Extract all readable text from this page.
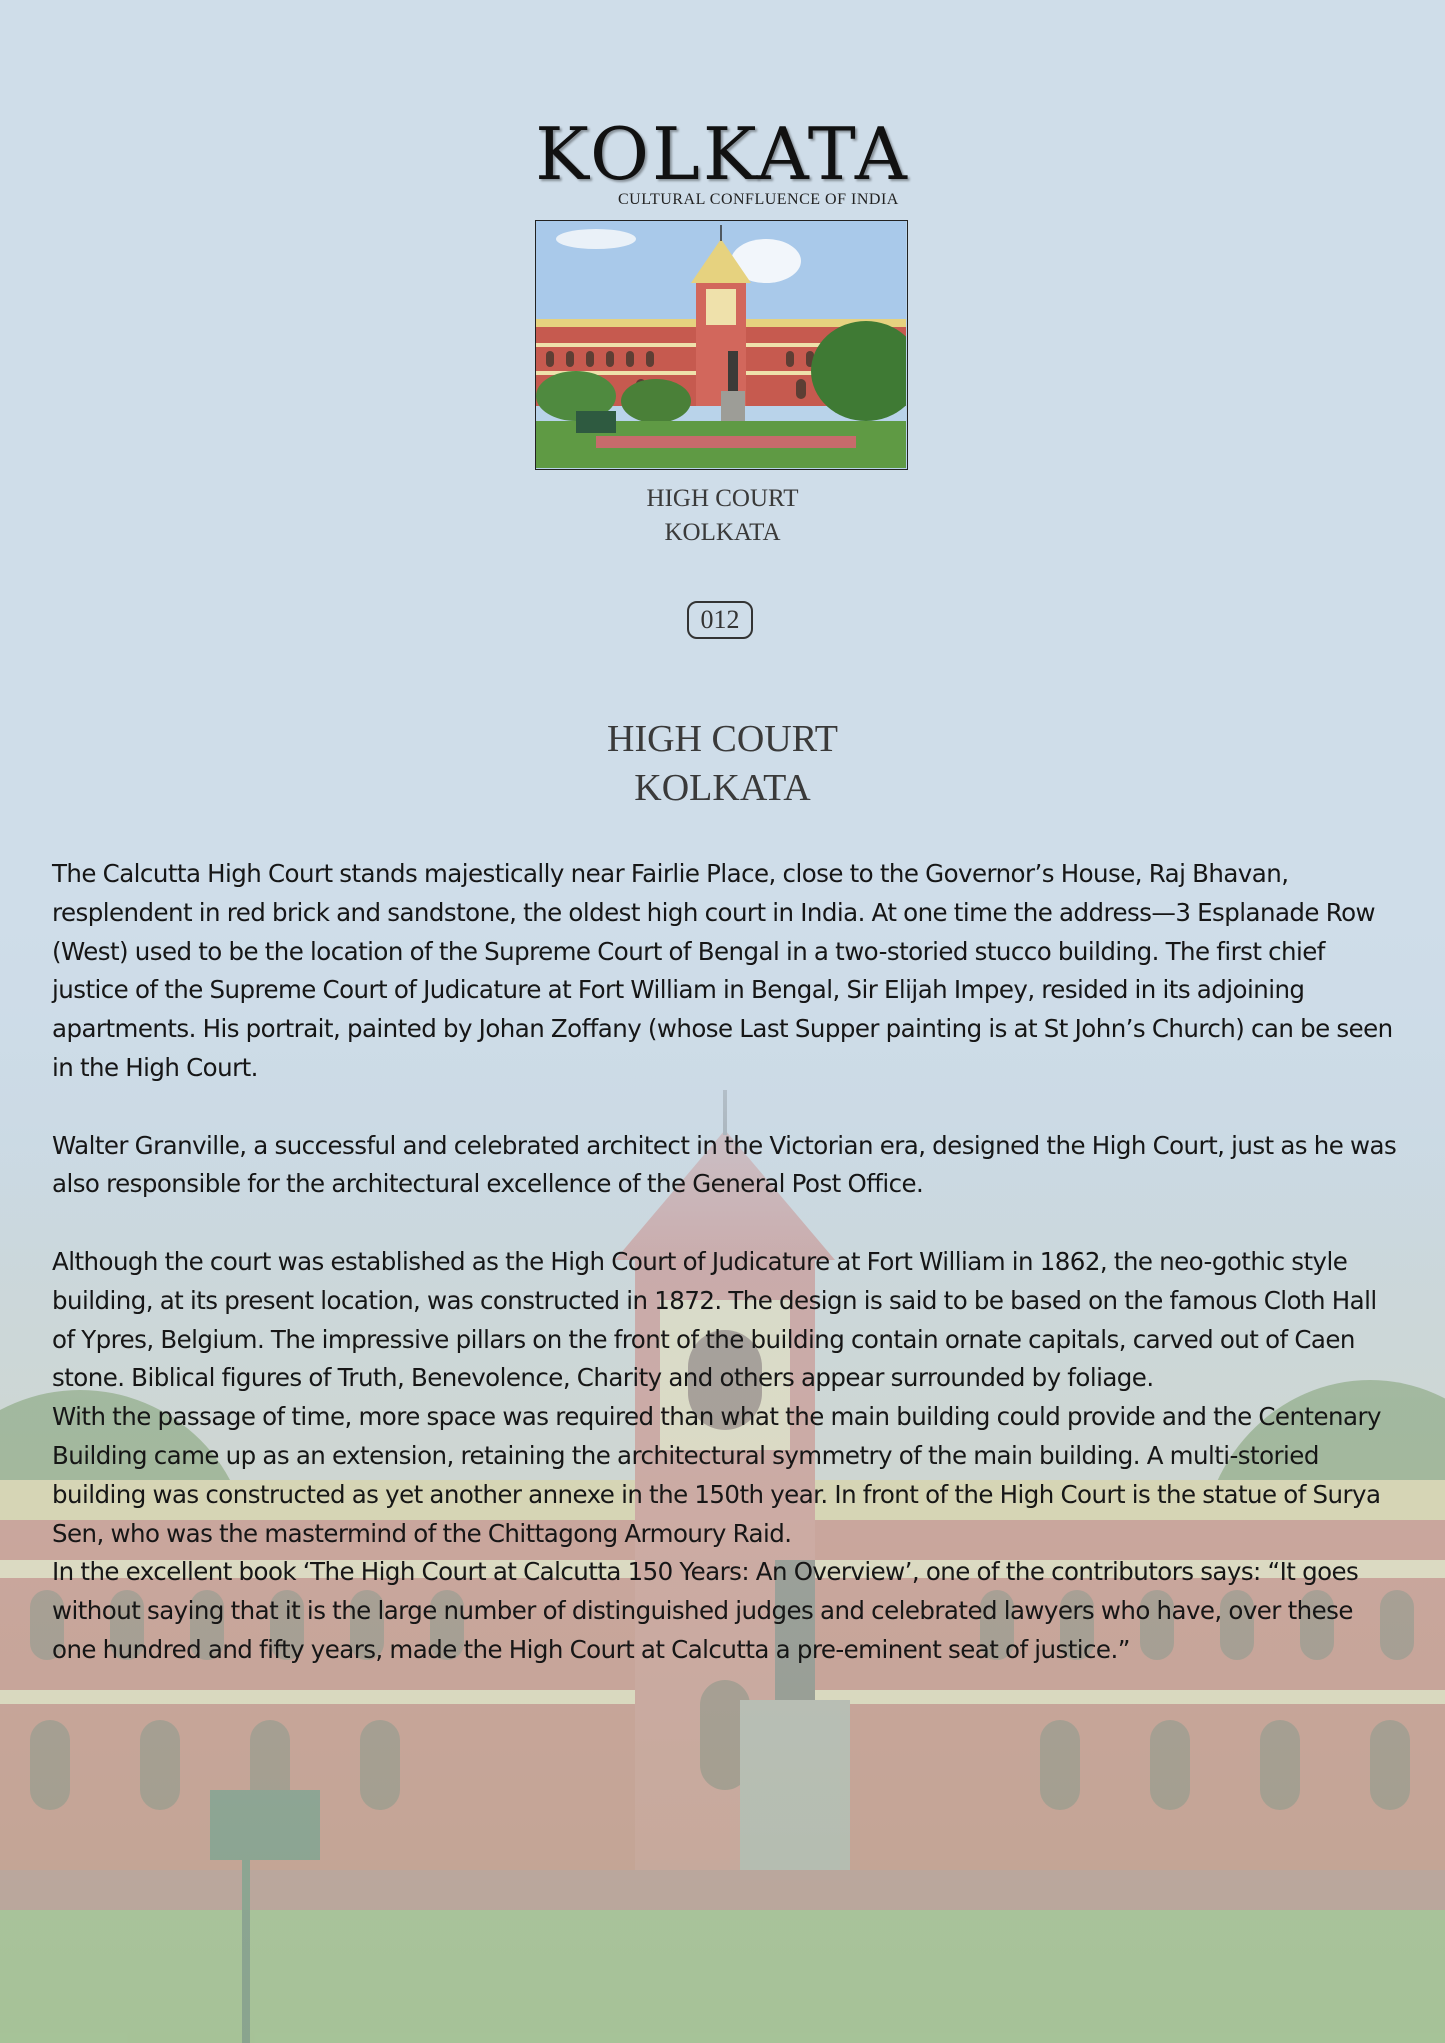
KOLKATA
CULTURAL CONFLUENCE OF INDIA
HIGH COURT
KOLKATA
012
HIGH COURT
KOLKATA

The Calcutta High Court stands majestically near Fairlie Place, close to the Governor’s House, Raj Bhavan, resplendent in red brick and sandstone, the oldest high court in India. At one time the address—3 Esplanade Row (West) used to be the location of the Supreme Court of Bengal in a two-storied stucco building. The first chief justice of the Supreme Court of Judicature at Fort William in Bengal, Sir Elijah Impey, resided in its adjoining apartments. His portrait, painted by Johan Zoffany (whose Last Supper painting is at St John’s Church) can be seen in the High Court.

Walter Granville, a successful and celebrated architect in the Victorian era, designed the High Court, just as he was also responsible for the architectural excellence of the General Post Office.

Although the court was established as the High Court of Judicature at Fort William in 1862, the neo-gothic style building, at its present location, was constructed in 1872. The design is said to be based on the famous Cloth Hall of Ypres, Belgium. The impressive pillars on the front of the building contain ornate capitals, carved out of Caen stone. Biblical figures of Truth, Benevolence, Charity and others appear surrounded by foliage.

With the passage of time, more space was required than what the main building could provide and the Centenary Building came up as an extension, retaining the architectural symmetry of the main building. A multi-storied building was constructed as yet another annexe in the 150th year. In front of the High Court is the statue of Surya Sen, who was the mastermind of the Chittagong Armoury Raid.

In the excellent book ‘The High Court at Calcutta 150 Years: An Overview’, one of the contributors says: “It goes without saying that it is the large number of distinguished judges and celebrated lawyers who have, over these one hundred and fifty years, made the High Court at Calcutta a pre-eminent seat of justice.”
